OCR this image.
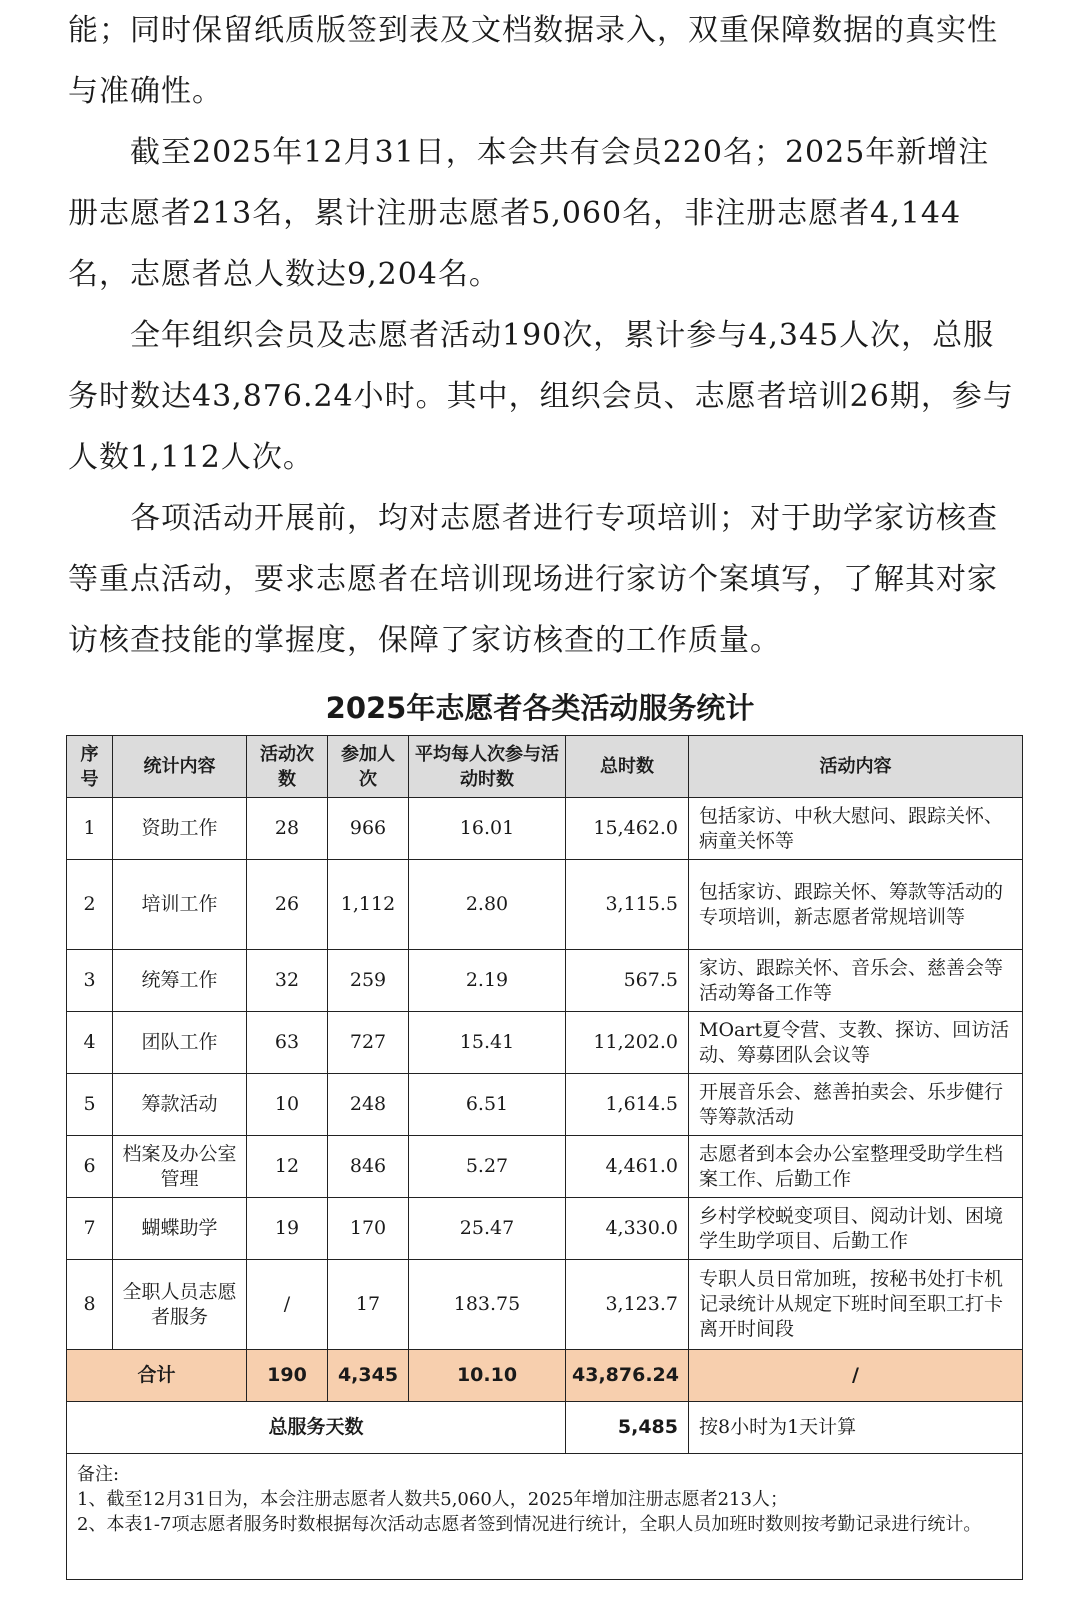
能；同时保留纸质版签到表及文档数据录入，双重保障数据的真实性与准确性。

截至2025年12月31日，本会共有会员220名；2025年新增注册志愿者213名，累计注册志愿者5,060名，非注册志愿者4,144名，志愿者总人数达9,204名。

全年组织会员及志愿者活动190次，累计参与4,345人次，总服务时数达43,876.24小时。其中，组织会员、志愿者培训26期，参与人数1,112人次。

各项活动开展前，均对志愿者进行专项培训；对于助学家访核查等重点活动，要求志愿者在培训现场进行家访个案填写，了解其对家访核查技能的掌握度，保障了家访核查的工作质量。

2025年志愿者各类活动服务统计
序号	统计内容	活动次数	参加人次	平均每人次参与活动时数	总时数	活动内容
1	资助工作	28	966	16.01	15,462.0	包括家访、中秋大慰问、跟踪关怀、病童关怀等
2	培训工作	26	1,112	2.80	3,115.5	包括家访、跟踪关怀、筹款等活动的专项培训，新志愿者常规培训等
3	统筹工作	32	259	2.19	567.5	家访、跟踪关怀、音乐会、慈善会等活动筹备工作等
4	团队工作	63	727	15.41	11,202.0	MOart夏令营、支教、探访、回访活动、筹募团队会议等
5	筹款活动	10	248	6.51	1,614.5	开展音乐会、慈善拍卖会、乐步健行等筹款活动
6	档案及办公室管理	12	846	5.27	4,461.0	志愿者到本会办公室整理受助学生档案工作、后勤工作
7	蝴蝶助学	19	170	25.47	4,330.0	乡村学校蜕变项目、阅动计划、困境学生助学项目、后勤工作
8	全职人员志愿者服务	/	17	183.75	3,123.7	专职人员日常加班，按秘书处打卡机记录统计从规定下班时间至职工打卡离开时间段
合计		190	4,345	10.10	43,876.24	/
总服务天数					5,485	按8小时为1天计算

备注:
1、截至12月31日为，本会注册志愿者人数共5,060人，2025年增加注册志愿者213人；
2、本表1-7项志愿者服务时数根据每次活动志愿者签到情况进行统计，全职人员加班时数则按考勤记录进行统计。						
